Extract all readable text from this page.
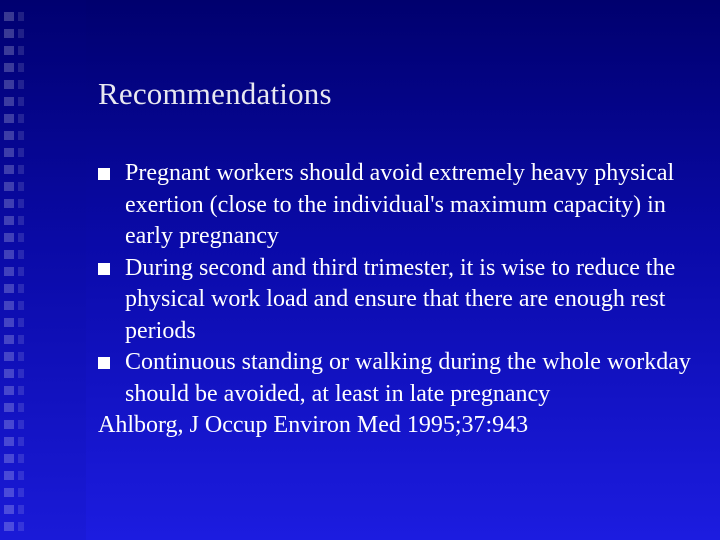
Recommendations
Pregnant workers should avoid extremely heavy physical exertion (close to the individual's maximum capacity) in early pregnancy
During second and third trimester, it is wise to reduce the physical work load and ensure that there are enough rest periods
Continuous standing or walking during the whole workday should be avoided, at least in late pregnancy
Ahlborg, J Occup Environ Med 1995;37:943
